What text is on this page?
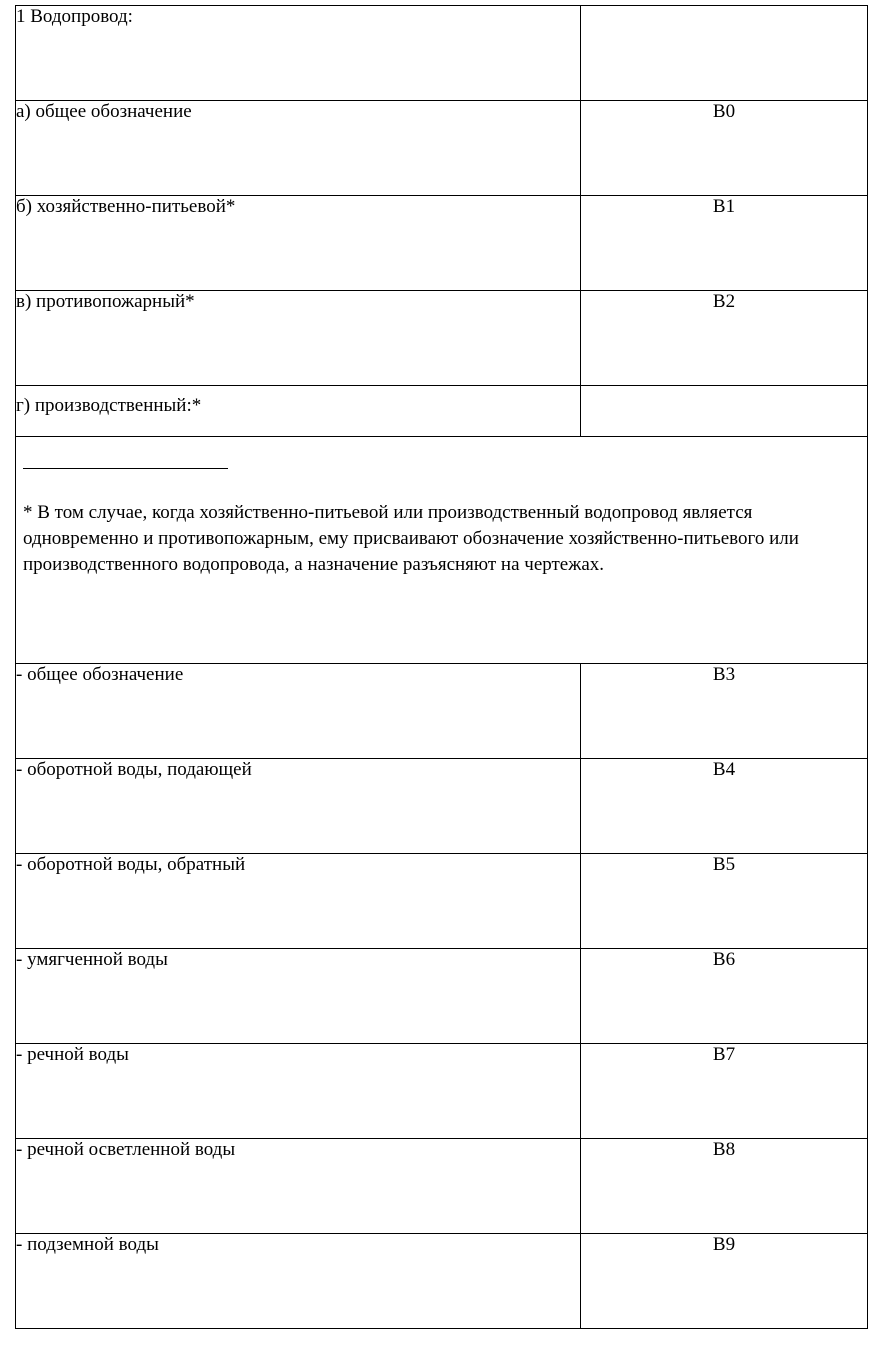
1 Водопровод:	
а) общее обозначение	В0
б) хозяйственно-питьевой*	В1
в) противопожарный*	В2
г) производственный:*	

* В том случае, когда хозяйственно-питьевой или производственный водопровод является одновременно и противопожарным, ему присваивают обозначение хозяйственно-питьевого или производственного водопровода, а назначение разъясняют на чертежах.	

- общее обозначение	В3
- оборотной воды, подающей	В4
- оборотной воды, обратный	В5
- умягченной воды	В6
- речной воды	В7
- речной осветленной воды	В8
- подземной воды	В9
